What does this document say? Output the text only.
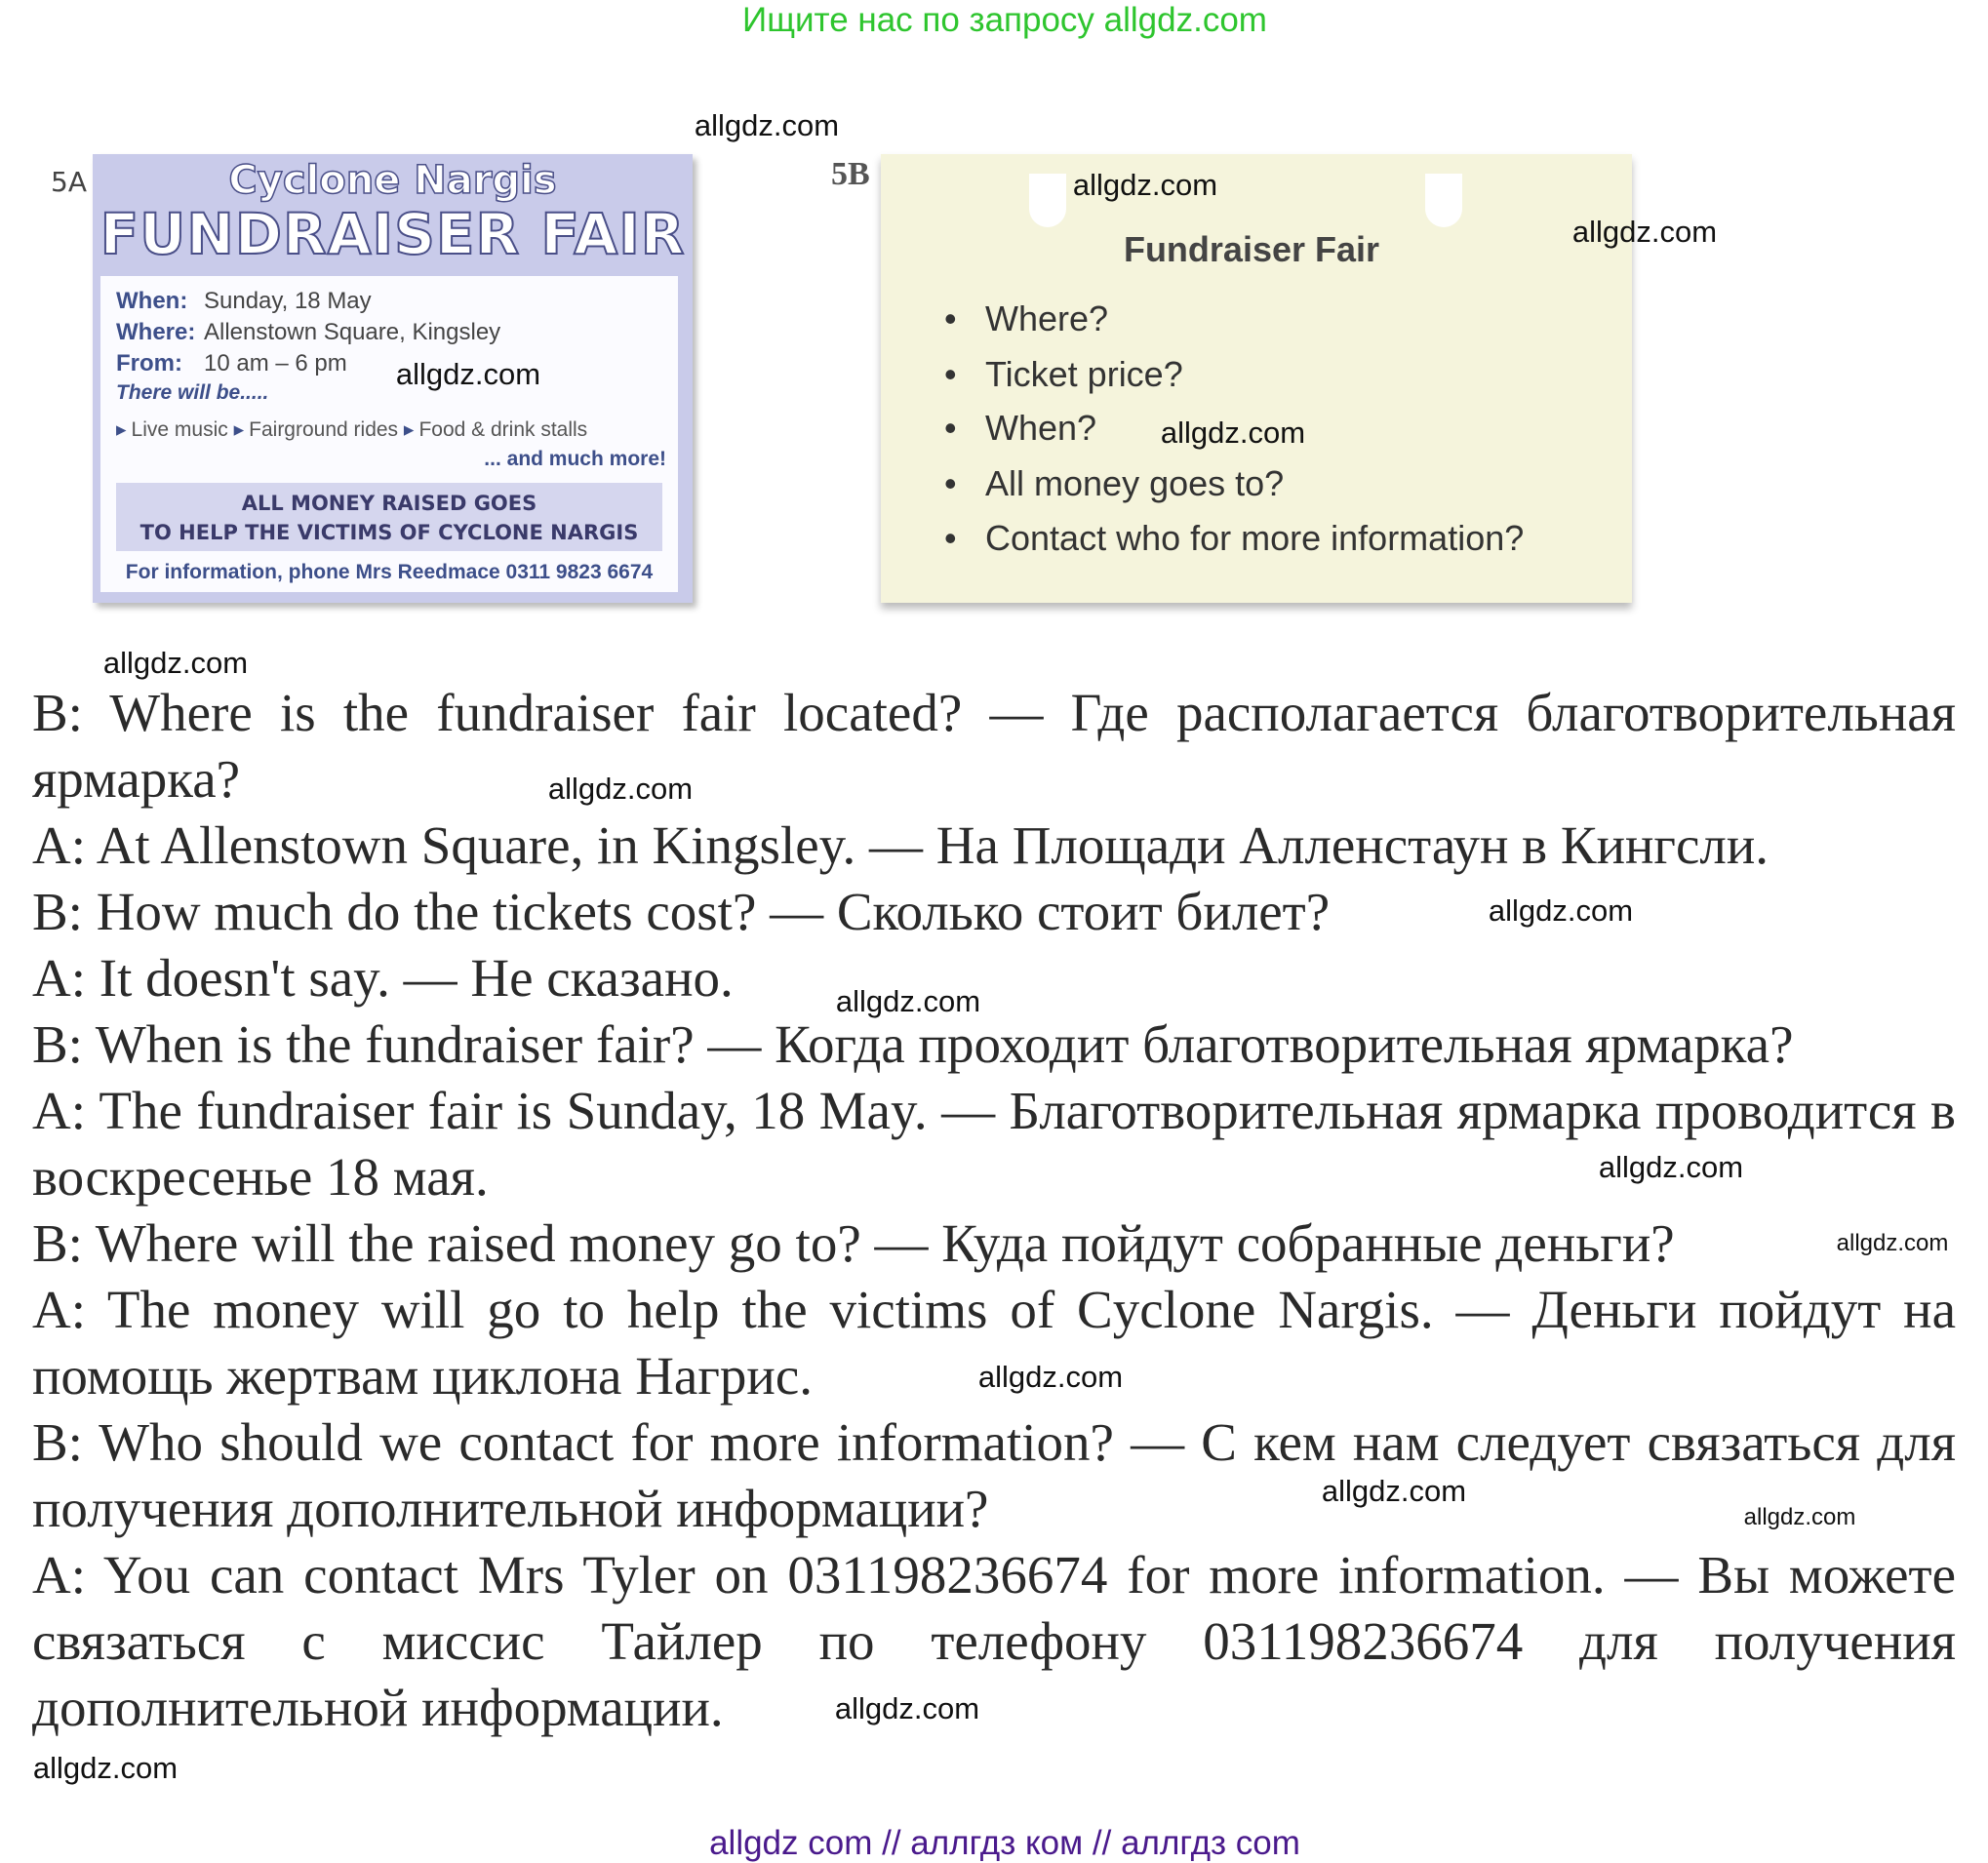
Ищите нас по запросу allgdz.com
5A	Cyclone Nargis
FUNDRAISER FAIR
When: Sunday, 18 May
Where: Allenstown Square, Kingsley
From: 10 am – 6 pm
There will be.....
▸ Live music ▸ Fairground rides ▸ Food & drink stalls
... and much more!
ALL MONEY RAISED GOES
TO HELP THE VICTIMS OF CYCLONE NARGIS
For information, phone Mrs Reedmace 0311 9823 6674
5B
Fundraiser Fair
• Where?
• Ticket price?
• When?
• All money goes to?
• Contact who for more information?

B: Where is the fundraiser fair located? — Где располагается благотворительная ярмарка?

A: At Allenstown Square, in Kingsley. — На Площади Алленстаун в Кингсли.

B: How much do the tickets cost? — Сколько стоит билет?

A: It doesn't say. — Не сказано.

B: When is the fundraiser fair? — Когда проходит благотворительная ярмарка?

A: The fundraiser fair is Sunday, 18 May. — Благотворительная ярмарка проводится в воскресенье 18 мая.

B: Where will the raised money go to? — Куда пойдут собранные деньги?

A: The money will go to help the victims of Cyclone Nargis. — Деньги пойдут на помощь жертвам циклона Нагрис.

B: Who should we contact for more information? — С кем нам следует связаться для получения дополнительной информации?

A: You can contact Mrs Tyler on 031198236674 for more information. — Вы можете связаться с миссис Тайлер по телефону 031198236674 для получения дополнительной информации.

allgdz.com
allgdz.com
allgdz.com
allgdz.com
allgdz.com
allgdz.com
allgdz.com
allgdz.com
allgdz.com
allgdz.com
allgdz.com
allgdz.com
allgdz.com
allgdz.com
allgdz.com
allgdz.com
allgdz com // аллгдз ком // аллгдз com
